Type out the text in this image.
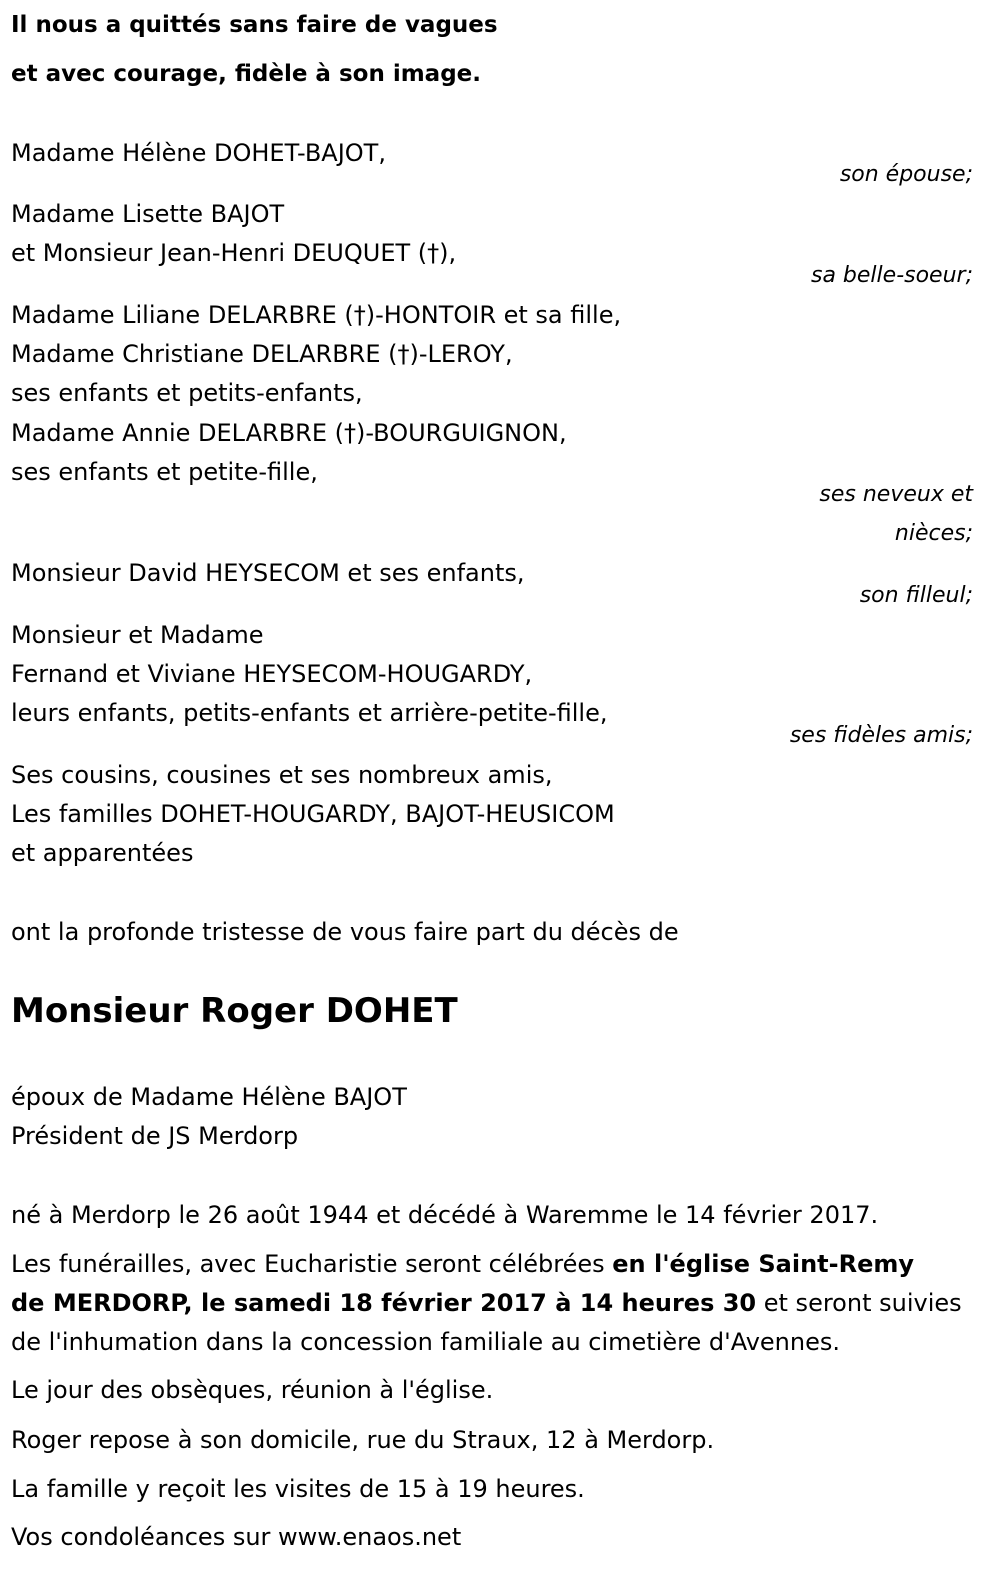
Il nous a quittés sans faire de vagues
et avec courage, fidèle à son image.
Madame Hélène DOHET-BAJOT,
son épouse;
Madame Lisette BAJOT
et Monsieur Jean-Henri DEUQUET (†),
sa belle-soeur;
Madame Liliane DELARBRE (†)-HONTOIR et sa fille,
Madame Christiane DELARBRE (†)-LEROY,
ses enfants et petits-enfants,
Madame Annie DELARBRE (†)-BOURGUIGNON,
ses enfants et petite-fille,
ses neveux et
nièces;
Monsieur David HEYSECOM et ses enfants,
son filleul;
Monsieur et Madame
Fernand et Viviane HEYSECOM-HOUGARDY,
leurs enfants, petits-enfants et arrière-petite-fille,
ses fidèles amis;
Ses cousins, cousines et ses nombreux amis,
Les familles DOHET-HOUGARDY, BAJOT-HEUSICOM
et apparentées
ont la profonde tristesse de vous faire part du décès de
Monsieur Roger DOHET
époux de Madame Hélène BAJOT
Président de JS Merdorp
né à Merdorp le 26 août 1944 et décédé à Waremme le 14 février 2017.
Les funérailles, avec Eucharistie seront célébrées en l'église Saint-Remy
de MERDORP, le samedi 18 février 2017 à 14 heures 30 et seront suivies
de l'inhumation dans la concession familiale au cimetière d'Avennes.
Le jour des obsèques, réunion à l'église.
Roger repose à son domicile, rue du Straux, 12 à Merdorp.
La famille y reçoit les visites de 15 à 19 heures.
Vos condoléances sur www.enaos.net
